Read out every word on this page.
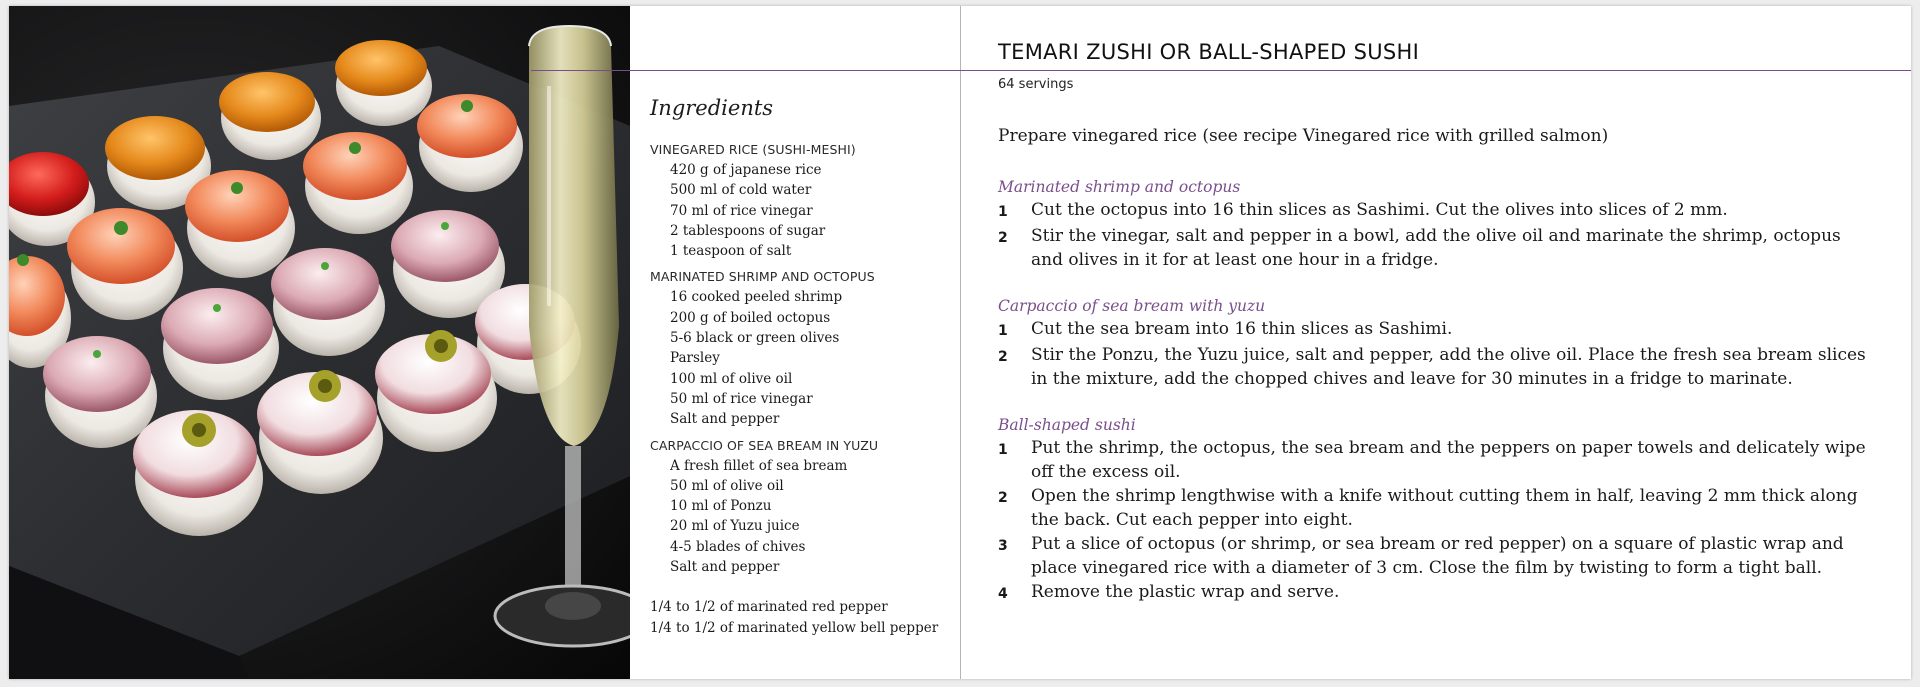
Ingredients
VINEGARED RICE (SUSHI-MESHI)
420 g of japanese rice
500 ml of cold water
70 ml of rice vinegar
2 tablespoons of sugar
1 teaspoon of salt
MARINATED SHRIMP AND OCTOPUS
16 cooked peeled shrimp
200 g of boiled octopus
5-6 black or green olives
Parsley
100 ml of olive oil
50 ml of rice vinegar
Salt and pepper
CARPACCIO OF SEA BREAM IN YUZU
A fresh fillet of sea bream
50 ml of olive oil
10 ml of Ponzu
20 ml of Yuzu juice
4-5 blades of chives
Salt and pepper
1/4 to 1/2 of marinated red pepper
1/4 to 1/2 of marinated yellow bell pepper
TEMARI ZUSHI OR BALL-SHAPED SUSHI
64 servings
Prepare vinegared rice (see recipe Vinegared rice with grilled salmon)
Marinated shrimp and octopus
1	Cut the octopus into 16 thin slices as Sashimi. Cut the olives into slices of 2 mm.
2	Stir the vinegar, salt and pepper in a bowl, add the olive oil and marinate the shrimp, octopus and olives in it for at least one hour in a fridge.
Carpaccio of sea bream with yuzu
1	Cut the sea bream into 16 thin slices as Sashimi.
2	Stir the Ponzu, the Yuzu juice, salt and pepper, add the olive oil. Place the fresh sea bream slices in the mixture, add the chopped chives and leave for 30 minutes in a fridge to marinate.
Ball-shaped sushi
1	Put the shrimp, the octopus, the sea bream and the peppers on paper towels and delicately wipe off the excess oil.
2	Open the shrimp lengthwise with a knife without cutting them in half, leaving 2 mm thick along the back. Cut each pepper into eight.
3	Put a slice of octopus (or shrimp, or sea bream or red pepper) on a square of plastic wrap and place vinegared rice with a diameter of 3 cm. Close the film by twisting to form a tight ball.
4	Remove the plastic wrap and serve.
